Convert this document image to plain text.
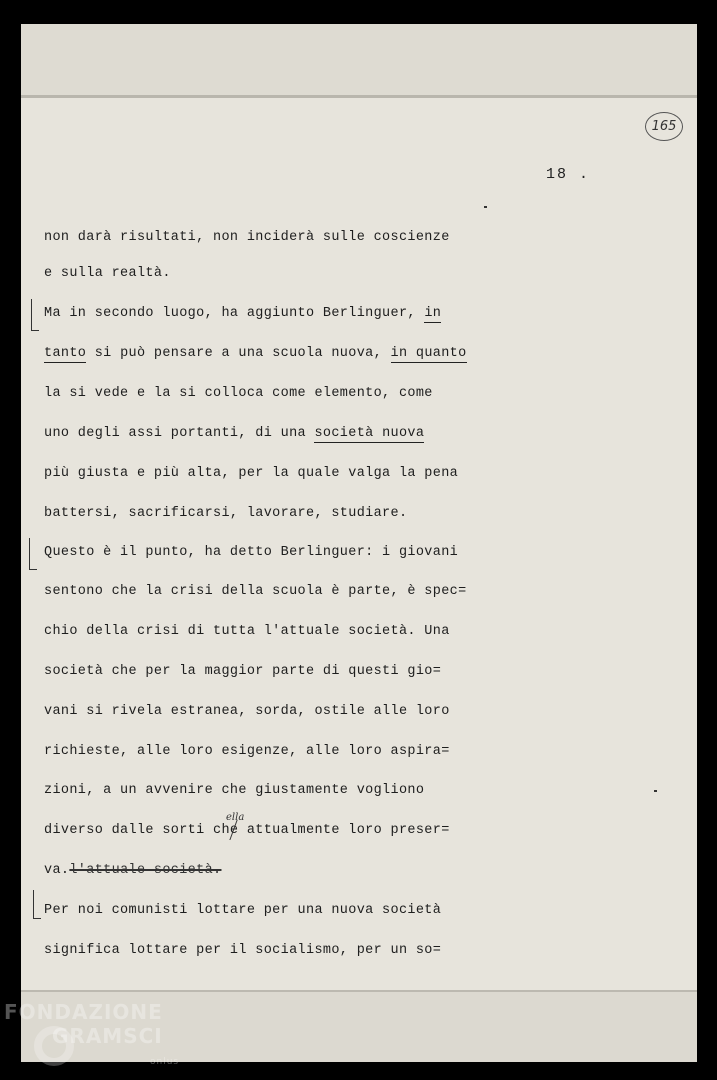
165
18 .
non darà risultati, non inciderà sulle coscienze
e sulla realtà.
Ma in secondo luogo, ha aggiunto Berlinguer, in
tanto si può pensare a una scuola nuova, in quanto
la si vede e la si colloca come elemento, come
uno degli assi portanti, di una società nuova
più giusta e più alta, per la quale valga la pena
battersi, sacrificarsi, lavorare, studiare.
Questo è il punto, ha detto Berlinguer: i giovani
sentono che la crisi della scuola è parte, è spec=
chio della crisi di tutta l'attuale società. Una
società che per la maggior parte di questi gio=
vani si rivela estranea, sorda, ostile alle loro
richieste, alle loro esigenze, alle loro aspira=
zioni, a un avvenire che giustamente vogliono
diverso dalle sorti che attualmente loro preser=
va.l'attuale società.
Per noi comunisti lottare per una nuova società
significa lottare per il socialismo, per un so=
ella
FONDAZIONE
GRAMSCI
onlus
